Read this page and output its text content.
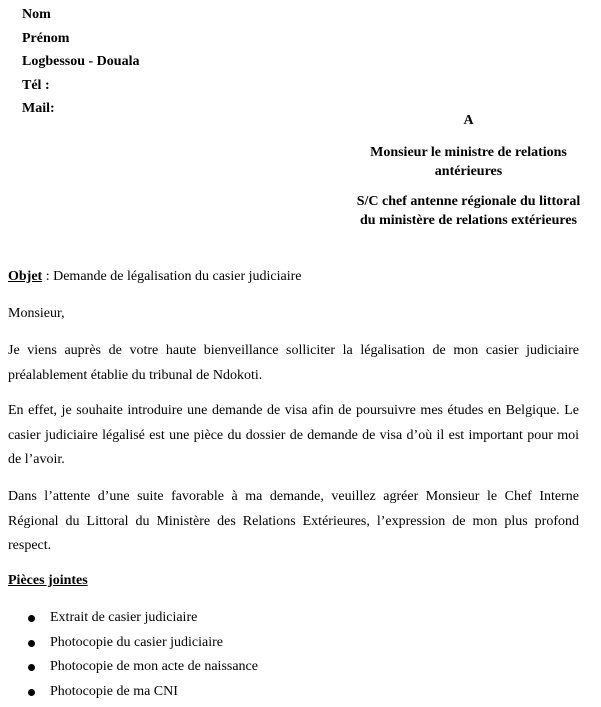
Nom
Prénom
Logbessou - Douala
Tél :
Mail:
A
Monsieur le ministre de relations
antérieures
S/C chef antenne régionale du littoral
du ministère de relations extérieures
Objet : Demande de légalisation du casier judiciaire
Monsieur,
Je viens auprès de votre haute bienveillance solliciter la légalisation de mon casier judiciaire préalablement établie du tribunal de Ndokoti.
En effet, je souhaite introduire une demande de visa afin de poursuivre mes études en Belgique. Le casier judiciaire légalisé est une pièce du dossier de demande de visa d’où il est important pour moi de l’avoir.
Dans l’attente d’une suite favorable à ma demande, veuillez agréer Monsieur le Chef Interne Régional du Littoral du Ministère des Relations Extérieures, l’expression de mon plus profond respect.
Pièces jointes
Extrait de casier judiciaire
Photocopie du casier judiciaire
Photocopie de mon acte de naissance
Photocopie de ma CNI
